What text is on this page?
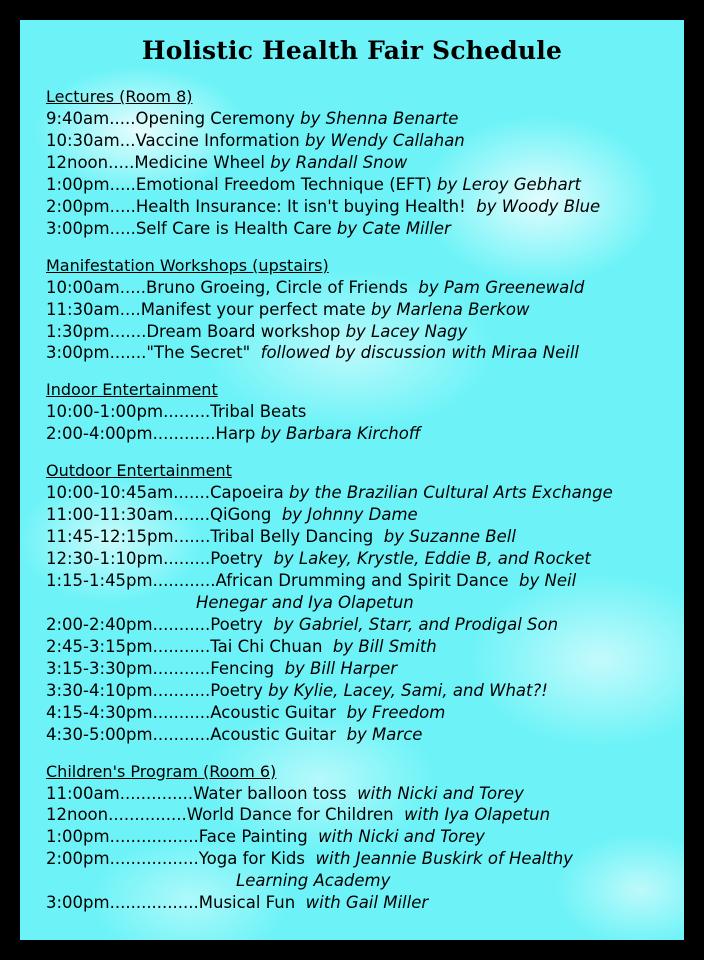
Holistic Health Fair Schedule
Lectures (Room 8)
9:40am.....Opening Ceremony by Shenna Benarte
10:30am...Vaccine Information by Wendy Callahan
12noon.....Medicine Wheel by Randall Snow
1:00pm.....Emotional Freedom Technique (EFT) by Leroy Gebhart
2:00pm.....Health Insurance: It isn't buying Health!  by Woody Blue
3:00pm.....Self Care is Health Care by Cate Miller
Manifestation Workshops (upstairs)
10:00am.....Bruno Groeing, Circle of Friends  by Pam Greenewald
11:30am....Manifest your perfect mate by Marlena Berkow
1:30pm.......Dream Board workshop by Lacey Nagy
3:00pm......."The Secret"  followed by discussion with Miraa Neill
Indoor Entertainment
10:00-1:00pm.........Tribal Beats
2:00-4:00pm............Harp by Barbara Kirchoff
Outdoor Entertainment
10:00-10:45am.......Capoeira by the Brazilian Cultural Arts Exchange
11:00-11:30am.......QiGong  by Johnny Dame
11:45-12:15pm.......Tribal Belly Dancing  by Suzanne Bell
12:30-1:10pm.........Poetry  by Lakey, Krystle, Eddie B, and Rocket
1:15-1:45pm............African Drumming and Spirit Dance  by Neil
Henegar and Iya Olapetun
2:00-2:40pm...........Poetry  by Gabriel, Starr, and Prodigal Son
2:45-3:15pm...........Tai Chi Chuan  by Bill Smith
3:15-3:30pm...........Fencing  by Bill Harper
3:30-4:10pm...........Poetry by Kylie, Lacey, Sami, and What?!
4:15-4:30pm...........Acoustic Guitar  by Freedom
4:30-5:00pm...........Acoustic Guitar  by Marce
Children's Program (Room 6)
11:00am..............Water balloon toss  with Nicki and Torey
12noon...............World Dance for Children  with Iya Olapetun
1:00pm.................Face Painting  with Nicki and Torey
2:00pm.................Yoga for Kids  with Jeannie Buskirk of Healthy
Learning Academy
3:00pm.................Musical Fun  with Gail Miller
